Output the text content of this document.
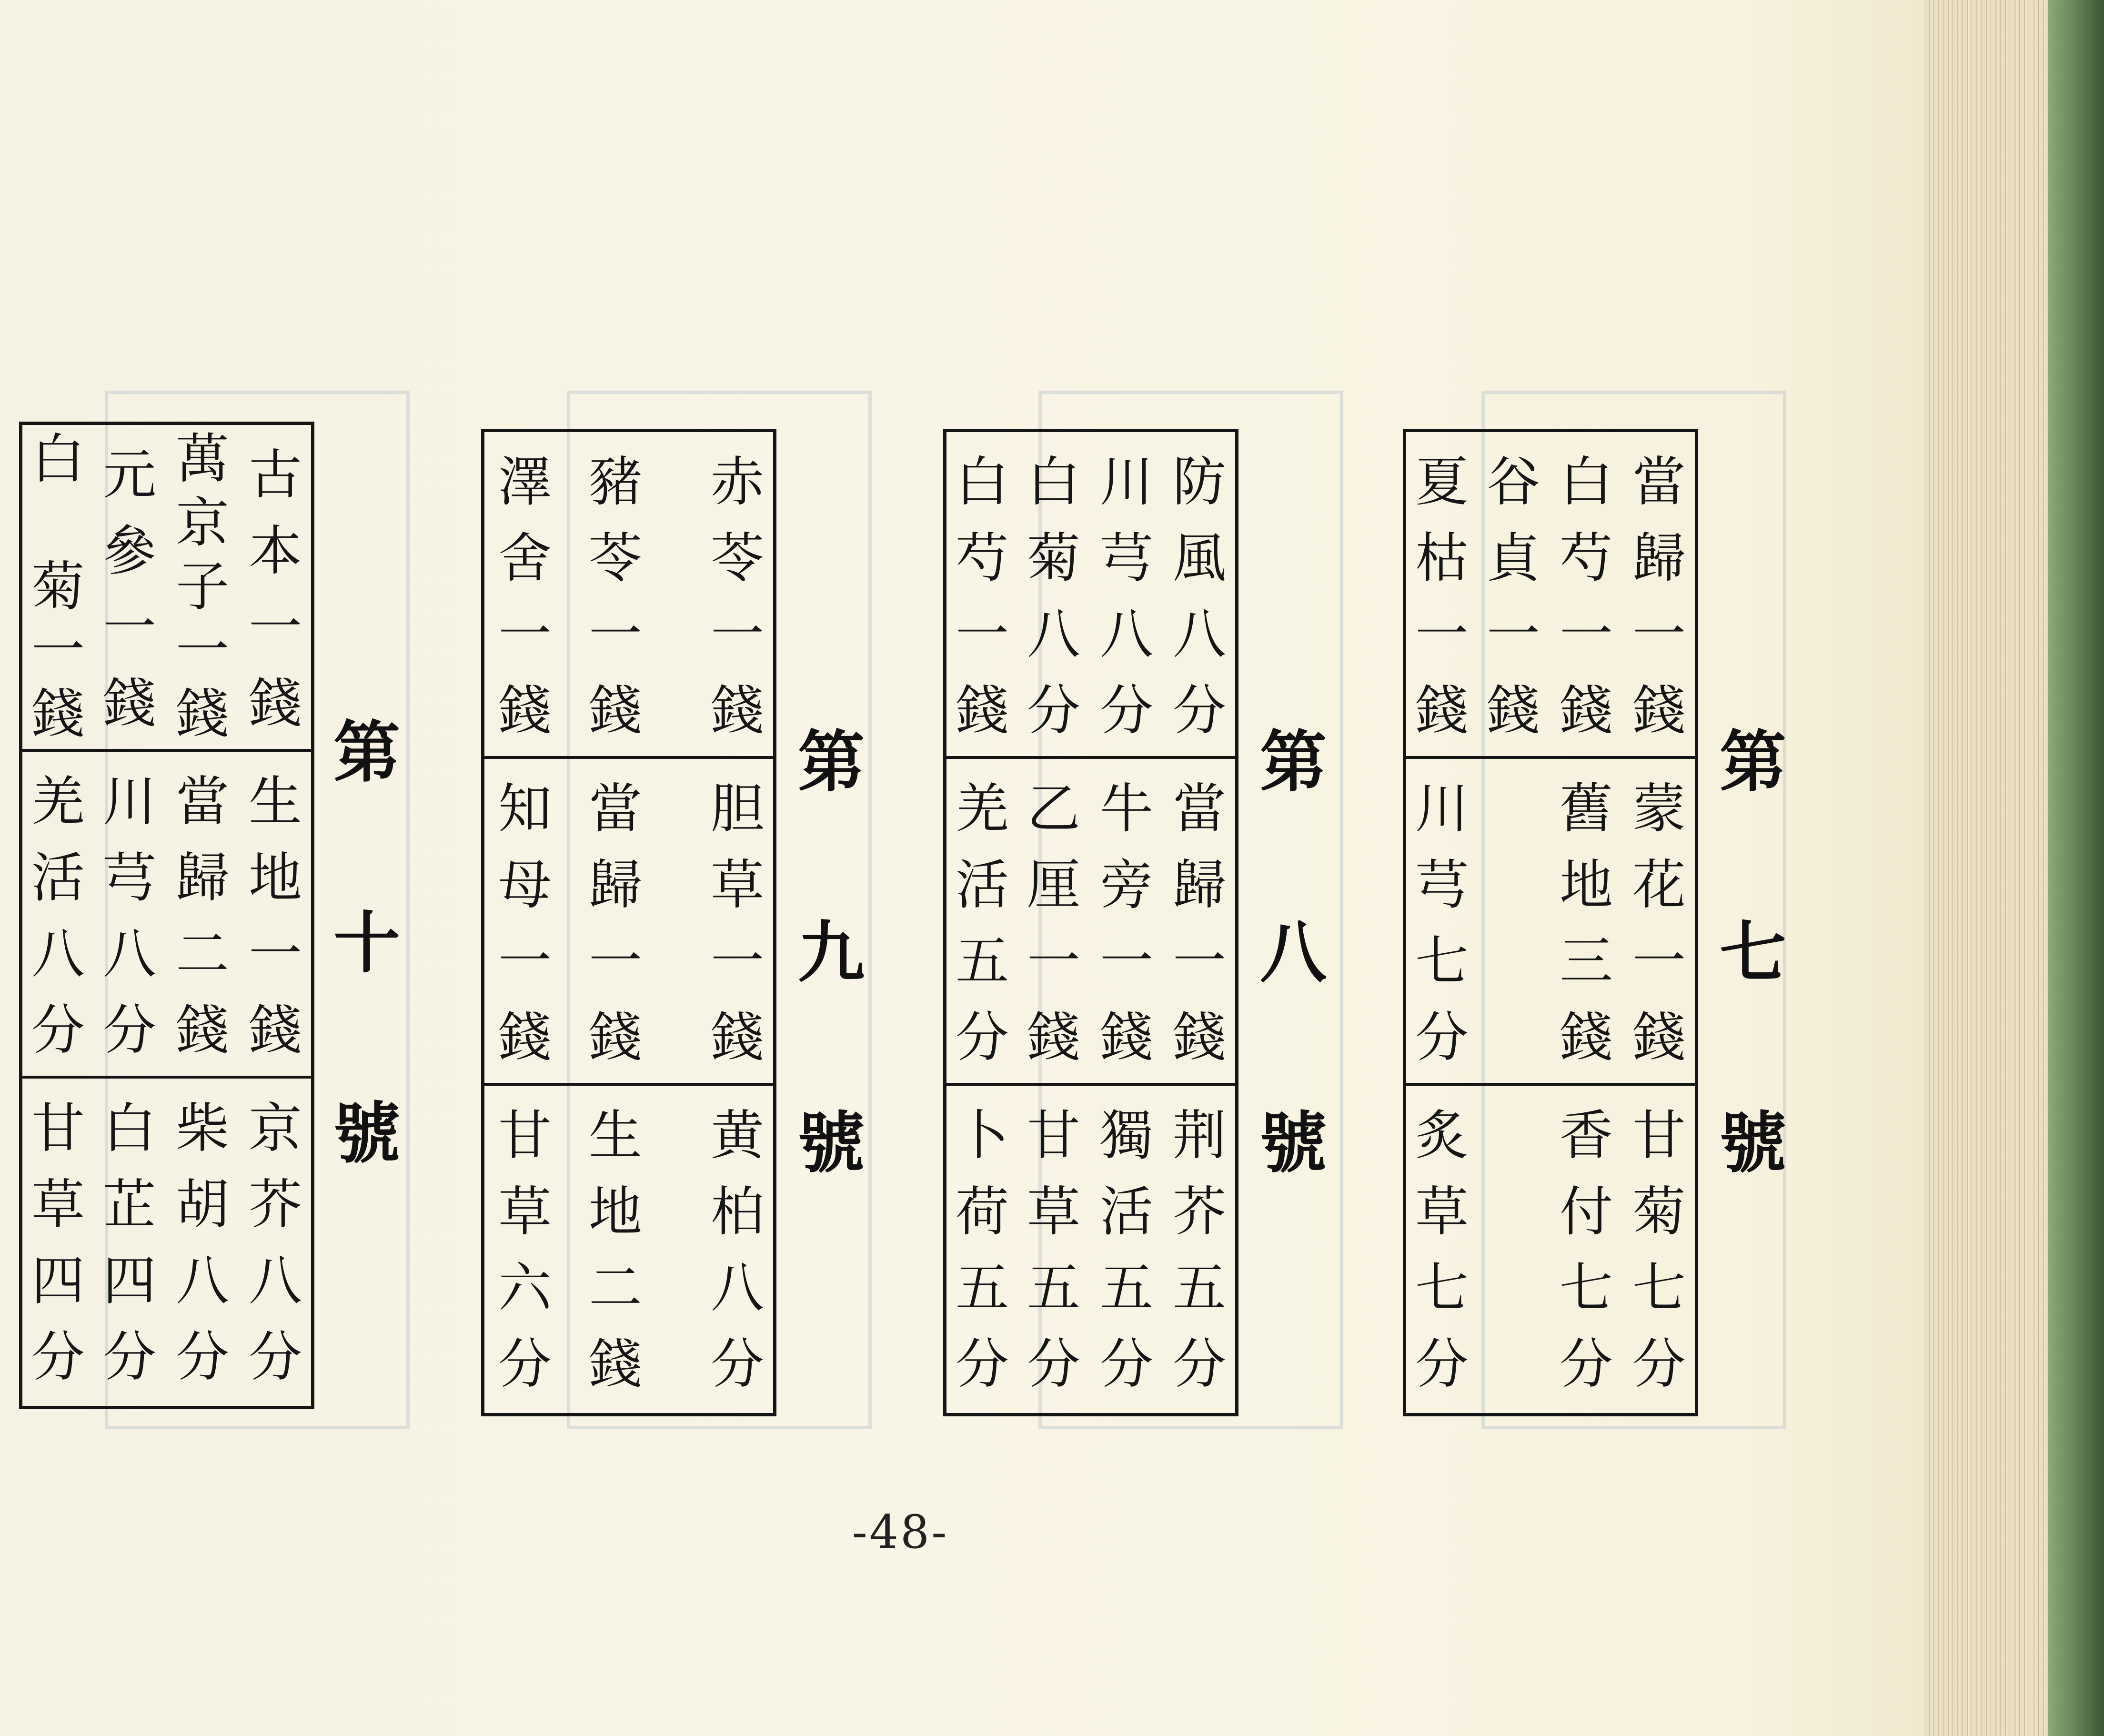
當
歸
一
錢
白
芍
一
錢
谷
貞
一
錢
夏
枯
一
錢
蒙
花
一
錢
舊
地
三
錢
川
芎
七
分
甘
菊
七
分
香
付
七
分
炙
草
七
分
第
七
號
防
風
八
分
川
芎
八
分
白
菊
八
分
白
芍
一
錢
當
歸
一
錢
牛
旁
一
錢
乙
厘
一
錢
羌
活
五
分
荆
芥
五
分
獨
活
五
分
甘
草
五
分
卜
荷
五
分
第
八
號
赤
苓
一
錢
豬
苓
一
錢
澤
舍
一
錢
胆
草
一
錢
當
歸
一
錢
知
母
一
錢
黄
柏
八
分
生
地
二
錢
甘
草
六
分
第
九
號
古
本
一
錢
萬
京
子
一
錢
元
參
一
錢
白
菊
一
錢
生
地
一
錢
當
歸
二
錢
川
芎
八
分
羌
活
八
分
京
芥
八
分
柴
胡
八
分
白
芷
四
分
甘
草
四
分
第
十
號
-48-
